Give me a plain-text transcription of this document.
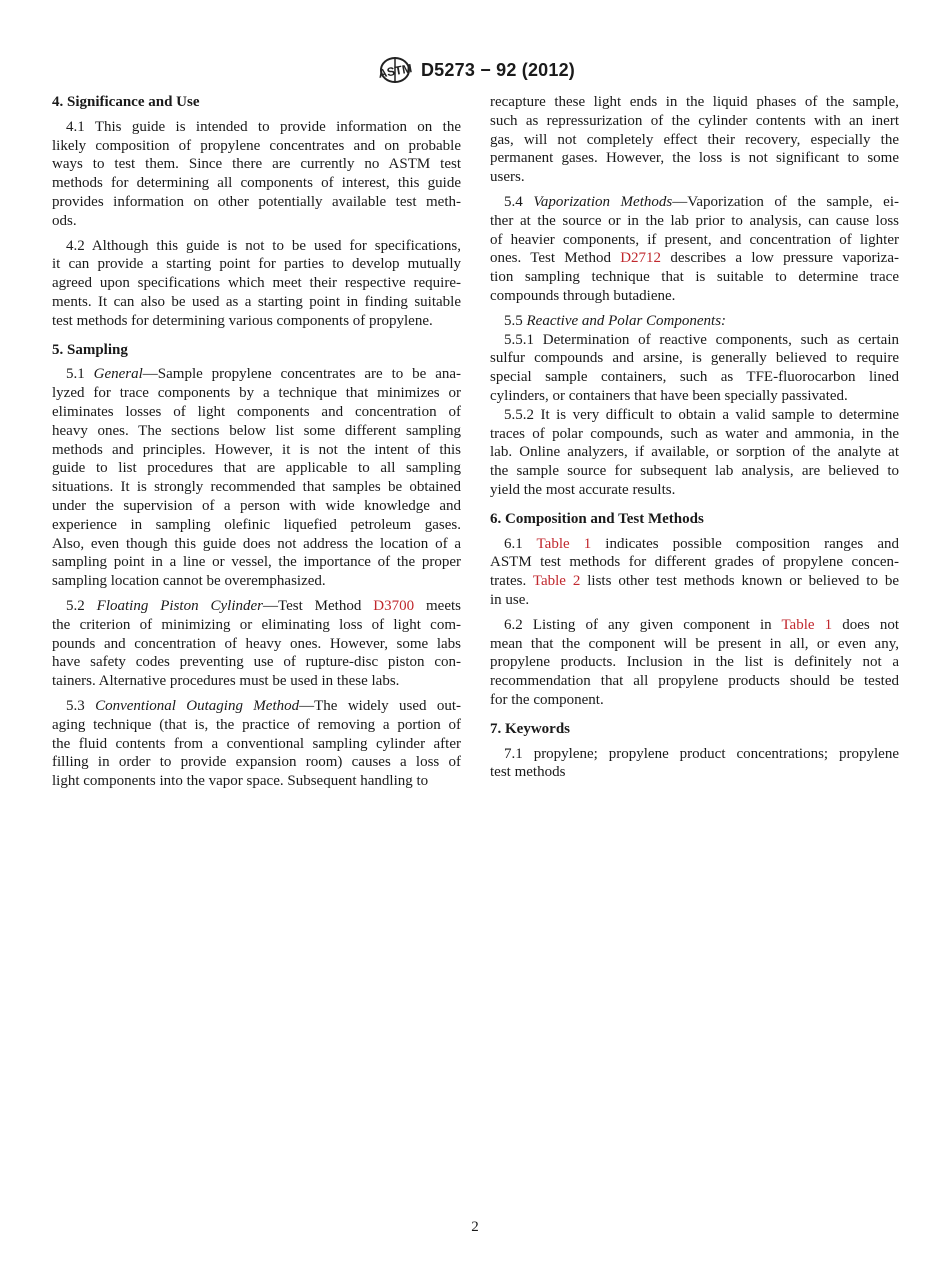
ASTM D5273 − 92 (2012)
4. Significance and Use
4.1 This guide is intended to provide information on the
likely composition of propylene concentrates and on probable
ways to test them. Since there are currently no ASTM test
methods for determining all components of interest, this guide
provides information on other potentially available test meth-
ods.
4.2 Although this guide is not to be used for specifications,
it can provide a starting point for parties to develop mutually
agreed upon specifications which meet their respective require-
ments. It can also be used as a starting point in finding suitable
test methods for determining various components of propylene.
5. Sampling
5.1 General—Sample propylene concentrates are to be ana-
lyzed for trace components by a technique that minimizes or
eliminates losses of light components and concentration of
heavy ones. The sections below list some different sampling
methods and principles. However, it is not the intent of this
guide to list procedures that are applicable to all sampling
situations. It is strongly recommended that samples be obtained
under the supervision of a person with wide knowledge and
experience in sampling olefinic liquefied petroleum gases.
Also, even though this guide does not address the location of a
sampling point in a line or vessel, the importance of the proper
sampling location cannot be overemphasized.
5.2 Floating Piston Cylinder—Test Method D3700 meets
the criterion of minimizing or eliminating loss of light com-
pounds and concentration of heavy ones. However, some labs
have safety codes preventing use of rupture-disc piston con-
tainers. Alternative procedures must be used in these labs.
5.3 Conventional Outaging Method—The widely used out-
aging technique (that is, the practice of removing a portion of
the fluid contents from a conventional sampling cylinder after
filling in order to provide expansion room) causes a loss of
light components into the vapor space. Subsequent handling to
recapture these light ends in the liquid phases of the sample,
such as repressurization of the cylinder contents with an inert
gas, will not completely effect their recovery, especially the
permanent gases. However, the loss is not significant to some
users.
5.4 Vaporization Methods—Vaporization of the sample, ei-
ther at the source or in the lab prior to analysis, can cause loss
of heavier components, if present, and concentration of lighter
ones. Test Method D2712 describes a low pressure vaporiza-
tion sampling technique that is suitable to determine trace
compounds through butadiene.
5.5 Reactive and Polar Components:
5.5.1 Determination of reactive components, such as certain
sulfur compounds and arsine, is generally believed to require
special sample containers, such as TFE-fluorocarbon lined
cylinders, or containers that have been specially passivated.
5.5.2 It is very difficult to obtain a valid sample to determine
traces of polar compounds, such as water and ammonia, in the
lab. Online analyzers, if available, or sorption of the analyte at
the sample source for subsequent lab analysis, are believed to
yield the most accurate results.
6. Composition and Test Methods
6.1 Table 1 indicates possible composition ranges and
ASTM test methods for different grades of propylene concen-
trates. Table 2 lists other test methods known or believed to be
in use.
6.2 Listing of any given component in Table 1 does not
mean that the component will be present in all, or even any,
propylene products. Inclusion in the list is definitely not a
recommendation that all propylene products should be tested
for the component.
7. Keywords
7.1 propylene; propylene product concentrations; propylene
test methods
2
